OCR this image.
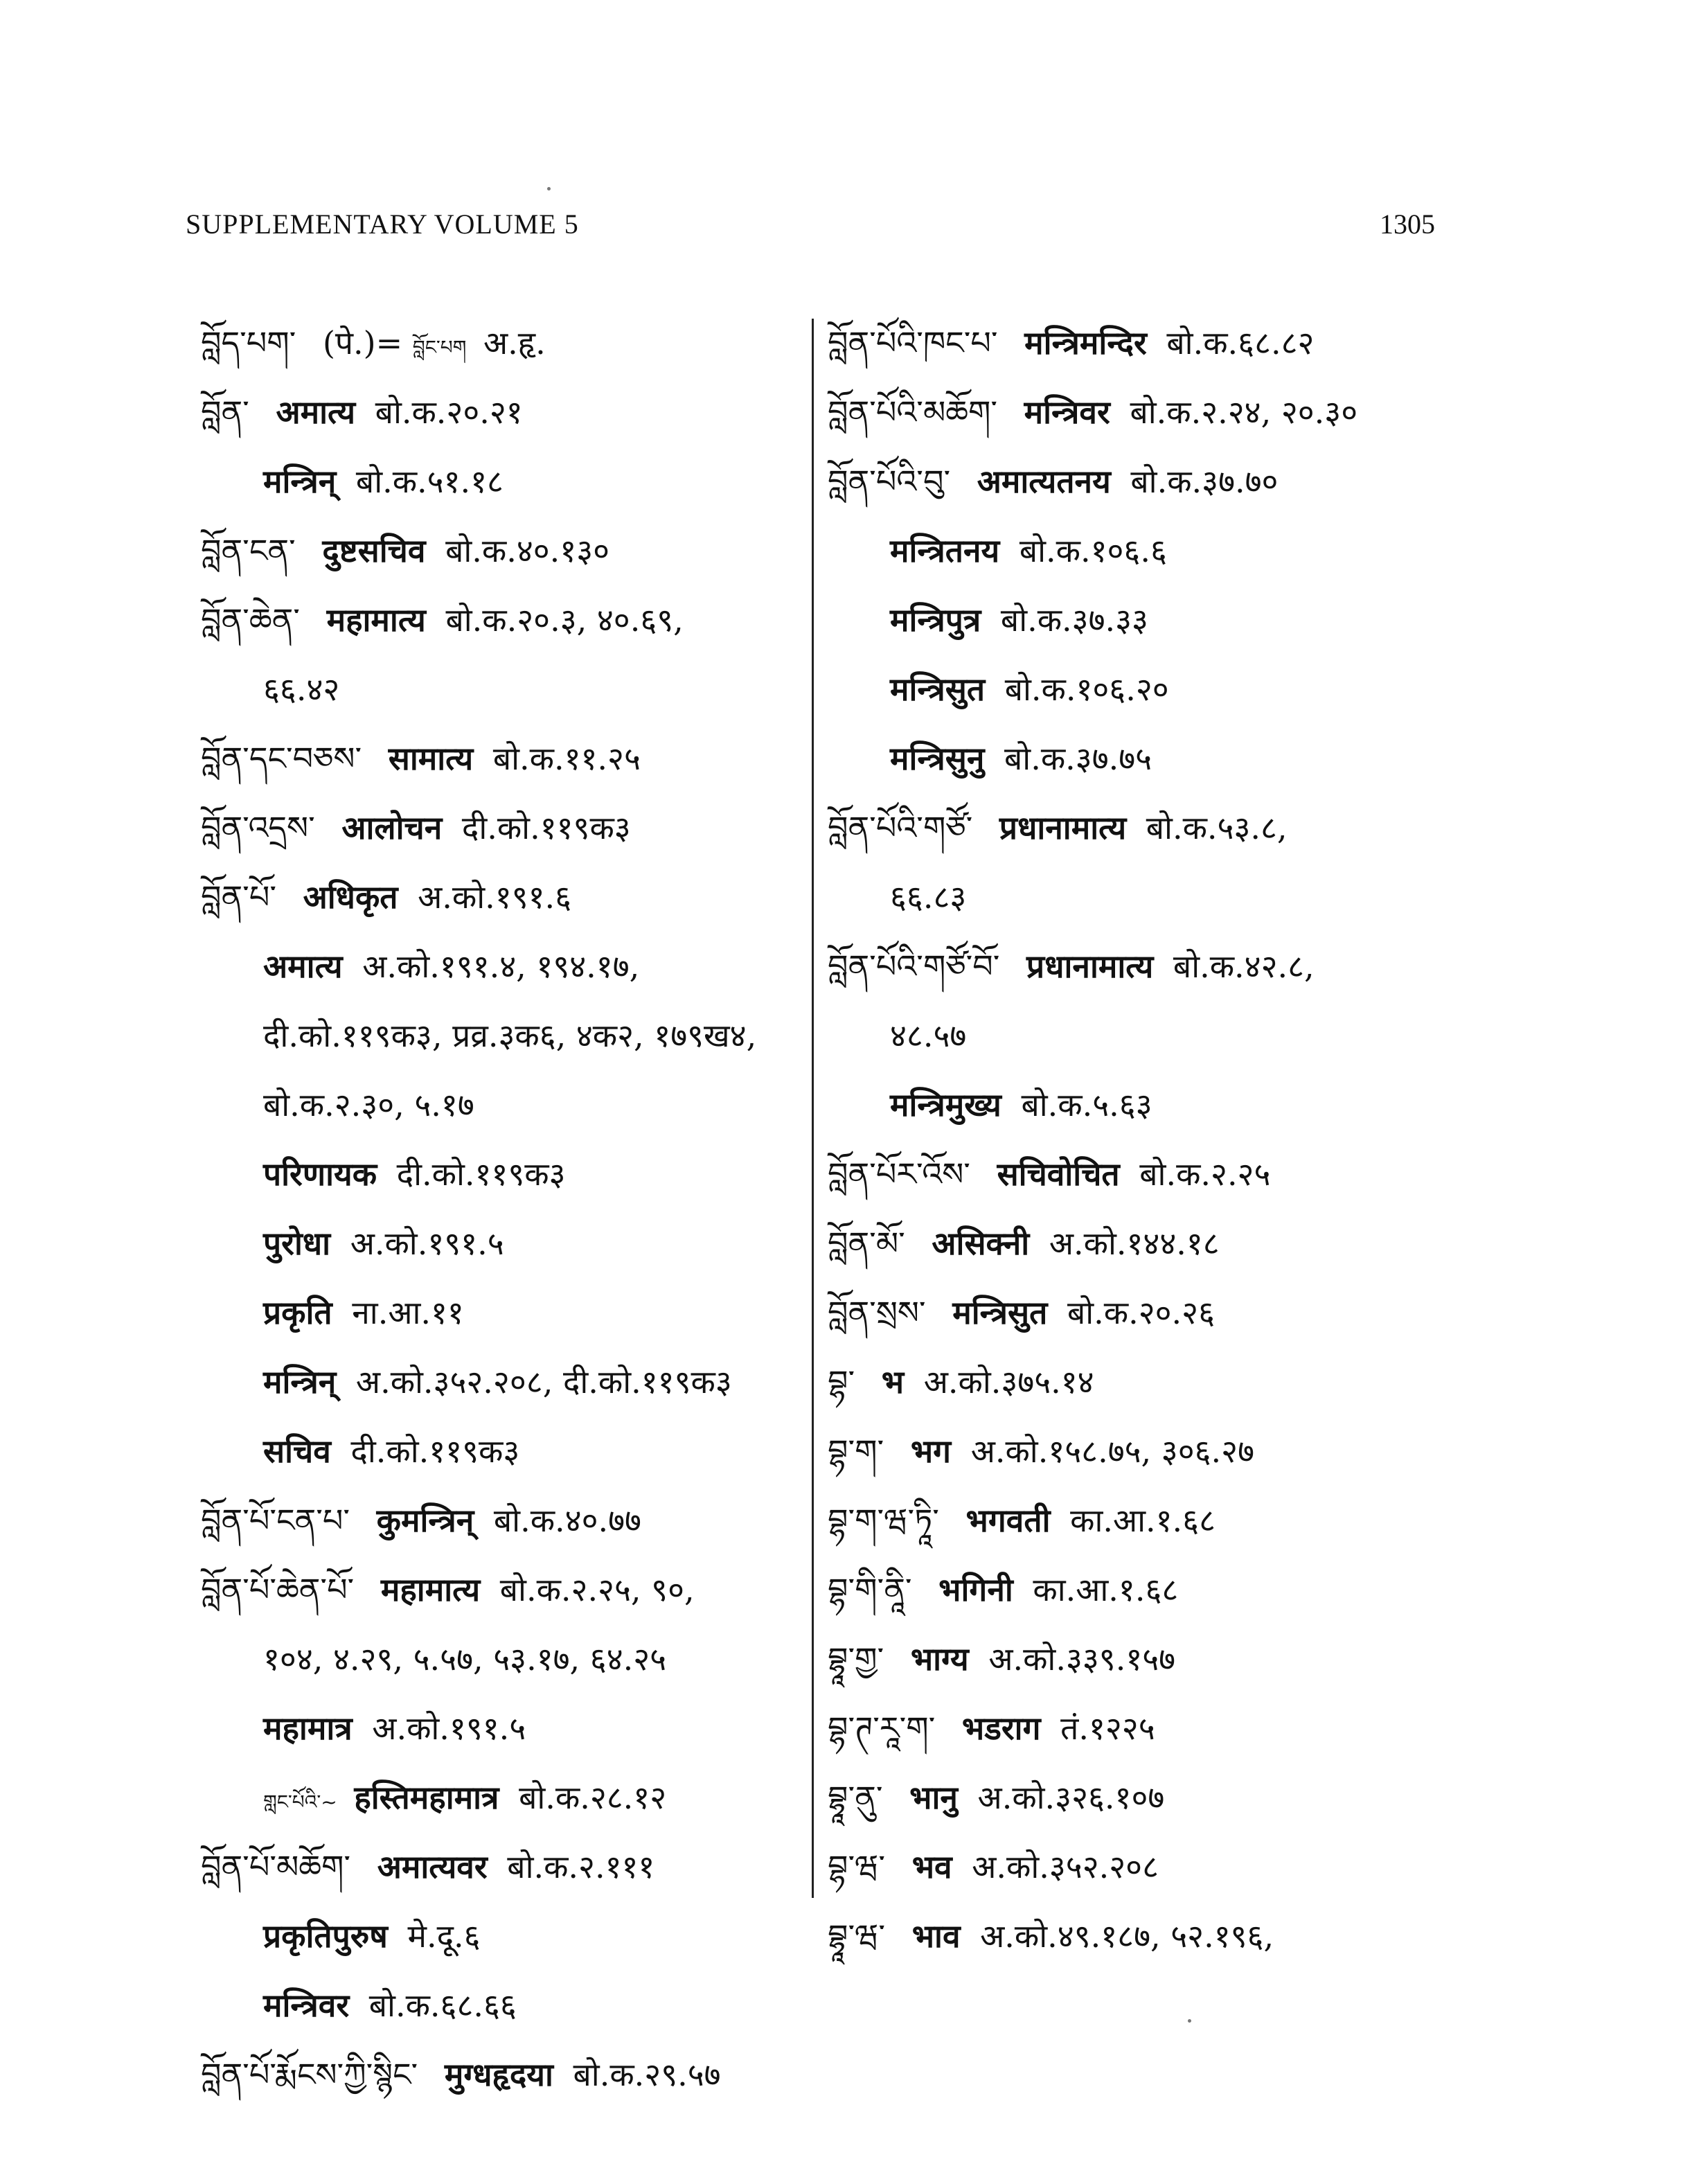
SUPPLEMENTARY VOLUME 5	1305
བློད་པག་ (पे.)= བློང་པག अ.हृ.
བློན་ अमात्य बो.क.२०.२१
मन्त्रिन् बो.क.५१.१८
བློན་ངན་ दुष्टसचिव बो.क.४०.१३०
བློན་ཆེན་ महामात्य बो.क.२०.३, ४०.६९,
६६.४२
བློན་དང་བཅས་ सामात्य बो.क.११.२५
བློན་འདྲས་ आलोचन दी.को.११९क३
བློན་པོ་ अधिकृत अ.को.१९१.६
अमात्य अ.को.१९१.४, १९४.१७,
दी.को.११९क३, प्रव्र.३क६, ४क२, १७९ख४,
बो.क.२.३०, ५.१७
परिणायक दी.को.११९क३
पुरोधा अ.को.१९१.५
प्रकृति ना.आ.११
मन्त्रिन् अ.को.३५२.२०८, दी.को.११९क३
सचिव दी.को.११९क३
བློན་པོ་ངན་པ་ कुमन्त्रिन् बो.क.४०.७७
བློན་པོ་ཆེན་པོ་ महामात्य बो.क.२.२५, ९०,
१०४, ४.२९, ५.५७, ५३.१७, ६४.२५
महामात्र अ.को.१९१.५
གླང་པོའི་~ हस्तिमहामात्र बो.क.२८.१२
བློན་པོ་མཆོག་ अमात्यवर बो.क.२.१११
प्रकृतिपुरुष मे.दू.६
मन्त्रिवर बो.क.६८.६६
བློན་པོ་རྨོངས་ཀྱི་སྙིང་ मुग्धहृदया बो.क.२९.५७
བློན་པོའི་ཁང་པ་ मन्त्रिमन्दिर बो.क.६८.८२
བློན་པོའི་མཆོག་ मन्त्रिवर बो.क.२.२४, २०.३०
བློན་པོའི་བུ་ अमात्यतनय बो.क.३७.७०
मन्त्रितनय बो.क.१०६.६
मन्त्रिपुत्र बो.क.३७.३३
मन्त्रिसुत बो.क.१०६.२०
मन्त्रिसुनु बो.क.३७.७५
བློན་པོའི་གཙོ་ प्रधानामात्य बो.क.५३.८,
६६.८३
བློན་པོའི་གཙོ་བོ་ प्रधानामात्य बो.क.४२.८,
४८.५७
मन्त्रिमुख्य बो.क.५.६३
བློན་པོར་འོས་ सचिवोचित बो.क.२.२५
བློན་མོ་ असिक्नी अ.को.१४४.१८
བློན་སྲས་ मन्त्रिसुत बो.क.२०.२६
བྷ་ भ अ.को.३७५.१४
བྷ་ག་ भग अ.को.१५८.७५, ३०६.२७
བྷ་ག་ཝ་ཏཱི་ भगवती का.आ.१.६८
བྷ་གི་ནཱི་ भगिनी का.आ.१.६८
བྷཱ་གྱ་ भाग्य अ.को.३३९.१५७
བྷ་ཊ་རཱ་ག་ भडराग तं.१२२५
བྷཱ་ནུ་ भानु अ.को.३२६.१०७
བྷ་ཝ་ भव अ.को.३५२.२०८
བྷཱ་ཝ་ भाव अ.को.४९.१८७, ५२.१९६,
